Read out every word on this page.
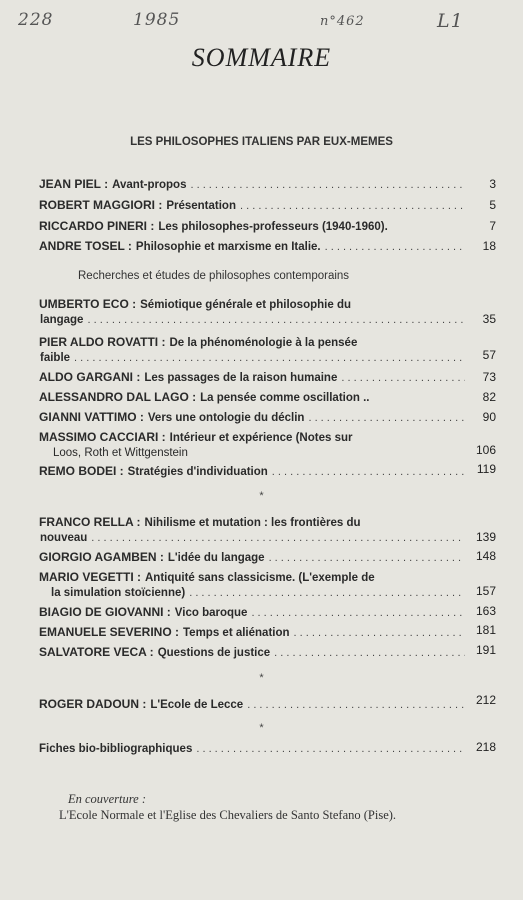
228	1985	n°462	L1
SOMMAIRE
LES PHILOSOPHES ITALIENS PAR EUX-MEMES
JEAN PIEL : Avant-propos . . .	3
ROBERT MAGGIORI : Présentation . . .	5
RICCARDO PINERI : Les philosophes-professeurs (1940-1960).	7
ANDRE TOSEL : Philosophie et marxisme en Italie. . . .	18
Recherches et études de philosophes contemporains
UMBERTO ECO : Sémiotique générale et philosophie du
langage . . .	35
PIER ALDO ROVATTI : De la phénoménologie à la pensée
faible . . .	57
ALDO GARGANI : Les passages de la raison humaine . . .	73
ALESSANDRO DAL LAGO : La pensée comme oscillation ..	82
GIANNI VATTIMO : Vers une ontologie du déclin . . .	90
MASSIMO CACCIARI : Intérieur et expérience (Notes sur
Loos, Roth et Wittgenstein	106
REMO BODEI : Stratégies d'individuation . . .	119
*
FRANCO RELLA : Nihilisme et mutation : les frontières du
nouveau . . .	139
GIORGIO AGAMBEN : L'idée du langage . . .	148
MARIO VEGETTI : Antiquité sans classicisme. (L'exemple de
la simulation stoïcienne) . . .	157
BIAGIO DE GIOVANNI : Vico baroque . . .	163
EMANUELE SEVERINO : Temps et aliénation . . .	181
SALVATORE VECA : Questions de justice . . .	191
*
ROGER DADOUN : L'Ecole de Lecce . . .	212
*
Fiches bio-bibliographiques . . .	218
En couverture :
L'Ecole Normale et l'Eglise des Chevaliers de Santo Stefano (Pise).
